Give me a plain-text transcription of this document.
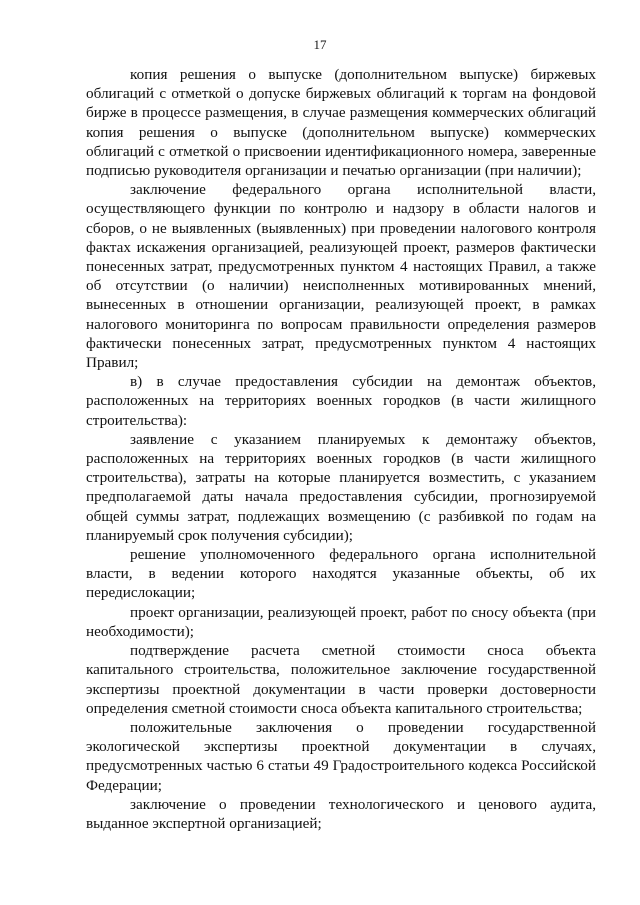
17

копия решения о выпуске (дополнительном выпуске) биржевых облигаций с отметкой о допуске биржевых облигаций к торгам на фондовой бирже в процессе размещения, в случае размещения коммерческих облигаций копия решения о выпуске (дополнительном выпуске) коммерческих облигаций с отметкой о присвоении идентификационного номера, заверенные подписью руководителя организации и печатью организации (при наличии);

заключение федерального органа исполнительной власти, осуществляющего функции по контролю и надзору в области налогов и сборов, о не выявленных (выявленных) при проведении налогового контроля фактах искажения организацией, реализующей проект, размеров фактически понесенных затрат, предусмотренных пунктом 4 настоящих Правил, а также об отсутствии (о наличии) неисполненных мотивированных мнений, вынесенных в отношении организации, реализующей проект, в рамках налогового мониторинга по вопросам правильности определения размеров фактически понесенных затрат, предусмотренных пунктом 4 настоящих Правил;

в) в случае предоставления субсидии на демонтаж объектов, расположенных на территориях военных городков (в части жилищного строительства):

заявление с указанием планируемых к демонтажу объектов, расположенных на территориях военных городков (в части жилищного строительства), затраты на которые планируется возместить, с указанием предполагаемой даты начала предоставления субсидии, прогнозируемой общей суммы затрат, подлежащих возмещению (с разбивкой по годам на планируемый срок получения субсидии);

решение уполномоченного федерального органа исполнительной власти, в ведении которого находятся указанные объекты, об их передислокации;

проект организации, реализующей проект, работ по сносу объекта (при необходимости);

подтверждение расчета сметной стоимости сноса объекта капитального строительства, положительное заключение государственной экспертизы проектной документации в части проверки достоверности определения сметной стоимости сноса объекта капитального строительства;

положительные заключения о проведении государственной экологической экспертизы проектной документации в случаях, предусмотренных частью 6 статьи 49 Градостроительного кодекса Российской Федерации;

заключение о проведении технологического и ценового аудита, выданное экспертной организацией;
